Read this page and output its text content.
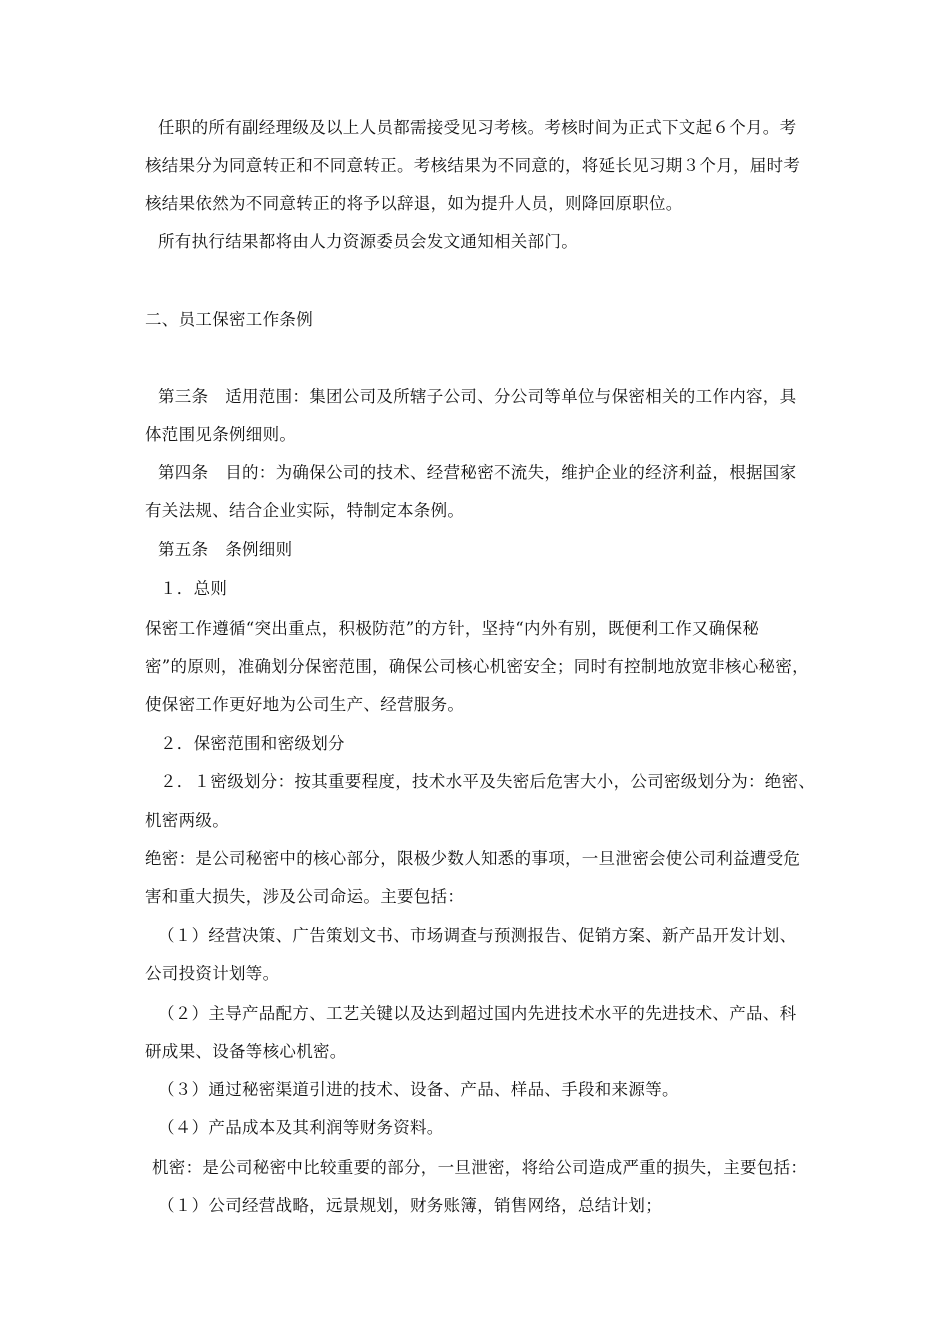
任职的所有副经理级及以上人员都需接受见习考核。考核时间为正式下文起６个月。考
核结果分为同意转正和不同意转正。考核结果为不同意的，将延长见习期３个月，届时考
核结果依然为不同意转正的将予以辞退，如为提升人员，则降回原职位。
所有执行结果都将由人力资源委员会发文通知相关部门。
二、员工保密工作条例
第三条　适用范围：集团公司及所辖子公司、分公司等单位与保密相关的工作内容，具
体范围见条例细则。
第四条　目的：为确保公司的技术、经营秘密不流失，维护企业的经济利益，根据国家
有关法规、结合企业实际，特制定本条例。
第五条　条例细则
１．总则
保密工作遵循“突出重点，积极防范”的方针，坚持“内外有别，既便利工作又确保秘
密”的原则，准确划分保密范围，确保公司核心机密安全；同时有控制地放宽非核心秘密，
使保密工作更好地为公司生产、经营服务。
２．保密范围和密级划分
２．１密级划分：按其重要程度，技术水平及失密后危害大小，公司密级划分为：绝密、
机密两级。
绝密：是公司秘密中的核心部分，限极少数人知悉的事项，一旦泄密会使公司利益遭受危
害和重大损失，涉及公司命运。主要包括：
（１）经营决策、广告策划文书、市场调查与预测报告、促销方案、新产品开发计划、
公司投资计划等。
（２）主导产品配方、工艺关键以及达到超过国内先进技术水平的先进技术、产品、科
研成果、设备等核心机密。
（３）通过秘密渠道引进的技术、设备、产品、样品、手段和来源等。
（４）产品成本及其利润等财务资料。
机密：是公司秘密中比较重要的部分，一旦泄密，将给公司造成严重的损失，主要包括：
（１）公司经营战略，远景规划，财务账簿，销售网络，总结计划；
